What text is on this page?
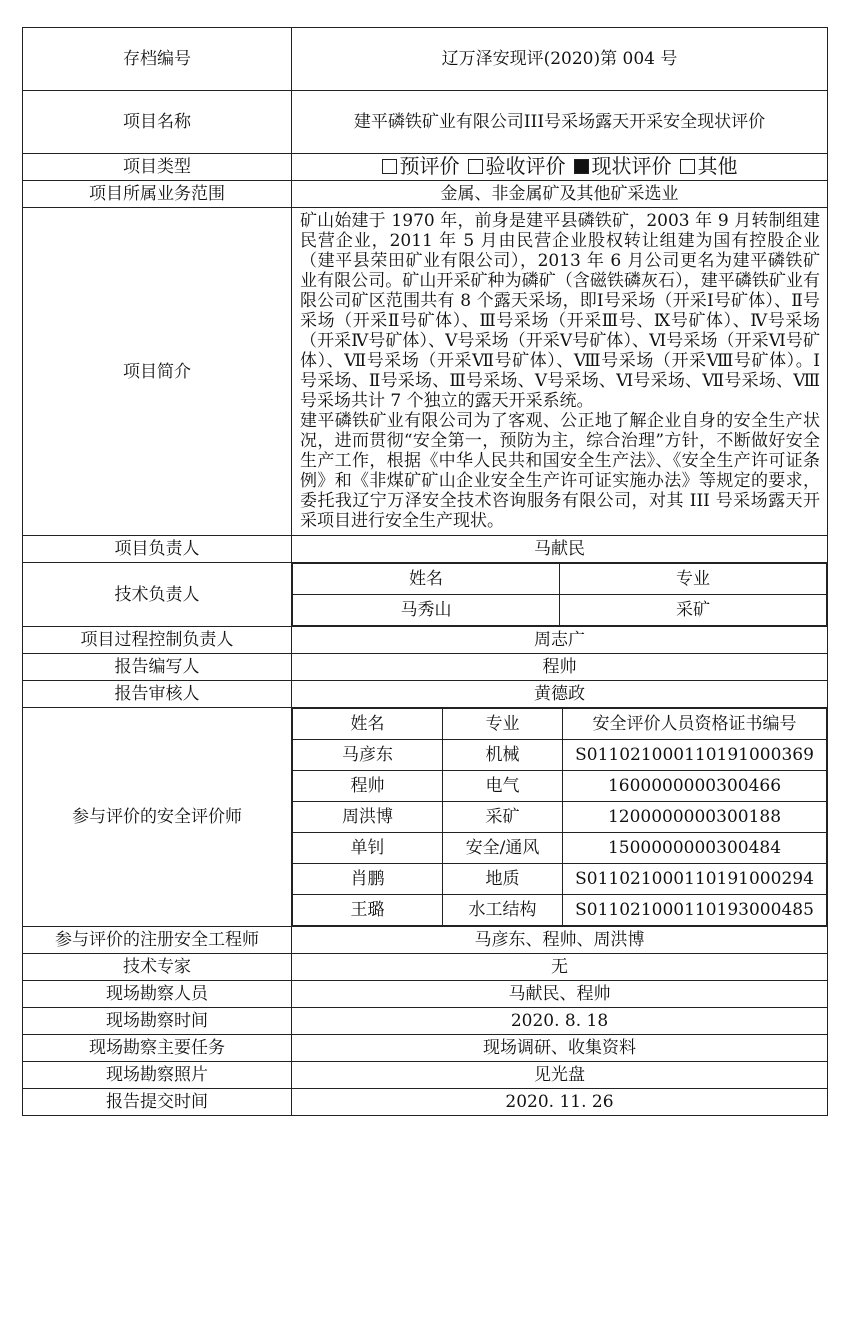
存档编号	辽万泽安现评(2020)第 004 号
项目名称	建平磷铁矿业有限公司III号采场露天开采安全现状评价
项目类型	预评价 验收评价 现状评价 其他
项目所属业务范围	金属、非金属矿及其他矿采选业
项目简介	

矿山始建于 1970 年，前身是建平县磷铁矿，2003 年 9 月转制组建民营企业，2011 年 5 月由民营企业股权转让组建为国有控股企业（建平县荣田矿业有限公司），2013 年 6 月公司更名为建平磷铁矿业有限公司。矿山开采矿种为磷矿（含磁铁磷灰石），建平磷铁矿业有限公司矿区范围共有 8 个露天采场，即Ⅰ号采场（开采Ⅰ号矿体）、Ⅱ号采场（开采Ⅱ号矿体）、Ⅲ号采场（开采Ⅲ号、Ⅸ号矿体）、Ⅳ号采场（开采Ⅳ号矿体）、Ⅴ号采场（开采Ⅴ号矿体）、Ⅵ号采场（开采Ⅵ号矿体）、Ⅶ号采场（开采Ⅶ号矿体）、Ⅷ号采场（开采Ⅷ号矿体）。Ⅰ号采场、Ⅱ号采场、Ⅲ号采场、Ⅴ号采场、Ⅵ号采场、Ⅶ号采场、Ⅷ号采场共计 7 个独立的露天开采系统。

建平磷铁矿业有限公司为了客观、公正地了解企业自身的安全生产状况，进而贯彻“安全第一，预防为主，综合治理”方针，不断做好安全生产工作，根据《中华人民共和国安全生产法》、《安全生产许可证条例》和《非煤矿矿山企业安全生产许可证实施办法》等规定的要求，委托我辽宁万泽安全技术咨询服务有限公司，对其 III 号采场露天开采项目进行安全生产现状。

项目负责人	马献民
技术负责人	
姓名	专业
马秀山	采矿

项目过程控制负责人	周志广
报告编写人	程帅
报告审核人	黄德政
参与评价的安全评价师	
姓名	专业	安全评价人员资格证书编号
马彦东	机械	S011021000110191000369
程帅	电气	1600000000300466
周洪博	采矿	1200000000300188
单钊	安全/通风	1500000000300484
肖鹏	地质	S011021000110191000294
王璐	水工结构	S011021000110193000485

参与评价的注册安全工程师	马彦东、程帅、周洪博
技术专家	无
现场勘察人员	马献民、程帅
现场勘察时间	2020. 8. 18
现场勘察主要任务	现场调研、收集资料
现场勘察照片	见光盘
报告提交时间	2020. 11. 26
